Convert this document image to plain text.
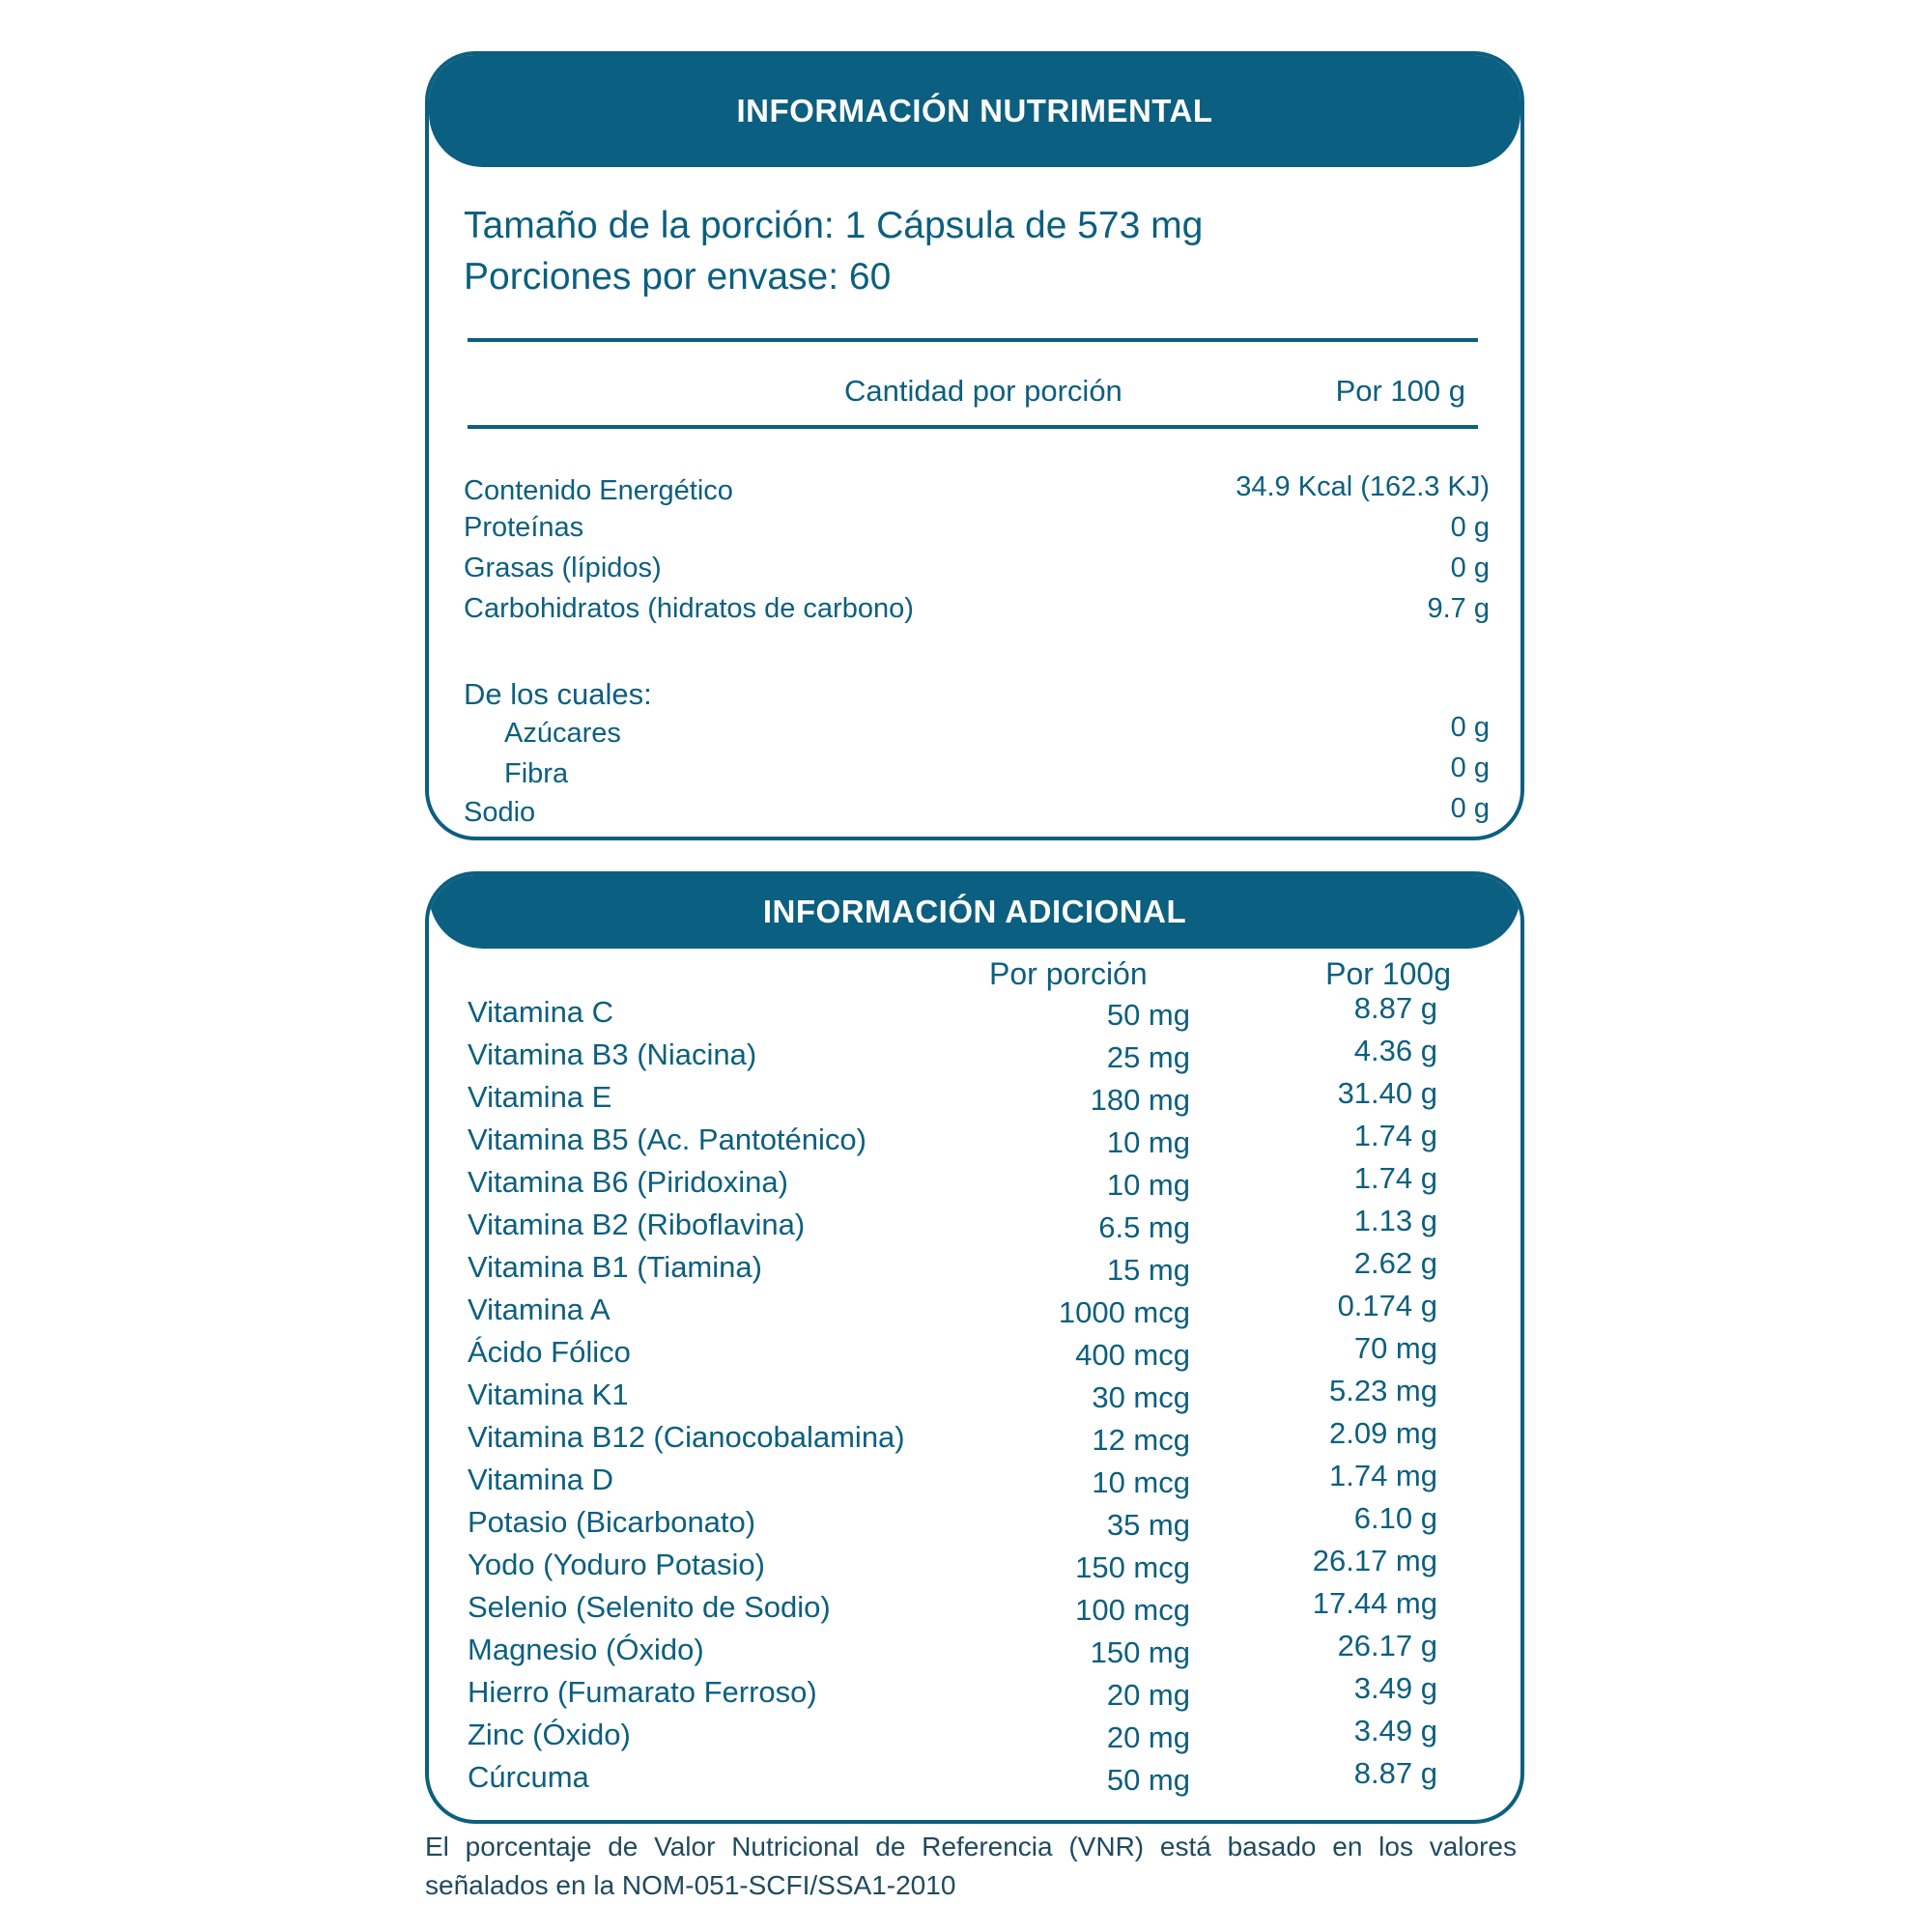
INFORMACIÓN NUTRIMENTAL
Tamaño de la porción: 1 Cápsula de 573 mg
Porciones por envase: 60
Cantidad por porción	Por 100 g
Contenido Energético	34.9 Kcal (162.3 KJ)
Proteínas	0 g
Grasas (lípidos)	0 g
Carbohidratos (hidratos de carbono)	9.7 g
De los cuales:
Azúcares	0 g
Fibra	0 g
Sodio	0 g
INFORMACIÓN ADICIONAL
Por porción	Por 100g
Vitamina C	50 mg	8.87 g
Vitamina B3 (Niacina)	25 mg	4.36 g
Vitamina E	180 mg	31.40 g
Vitamina B5 (Ac. Pantoténico)	10 mg	1.74 g
Vitamina B6 (Piridoxina)	10 mg	1.74 g
Vitamina B2 (Riboflavina)	6.5 mg	1.13 g
Vitamina B1 (Tiamina)	15 mg	2.62 g
Vitamina A	1000 mcg	0.174 g
Ácido Fólico	400 mcg	70 mg
Vitamina K1	30 mcg	5.23 mg
Vitamina B12 (Cianocobalamina)	12 mcg	2.09 mg
Vitamina D	10 mcg	1.74 mg
Potasio (Bicarbonato)	35 mg	6.10 g
Yodo (Yoduro Potasio)	150 mcg	26.17 mg
Selenio (Selenito de Sodio)	100 mcg	17.44 mg
Magnesio (Óxido)	150 mg	26.17 g
Hierro (Fumarato Ferroso)	20 mg	3.49 g
Zinc (Óxido)	20 mg	3.49 g
Cúrcuma	50 mg	8.87 g
El porcentaje de Valor Nutricional de Referencia (VNR) está basado en los valores señalados en la NOM-051-SCFI/SSA1-2010
